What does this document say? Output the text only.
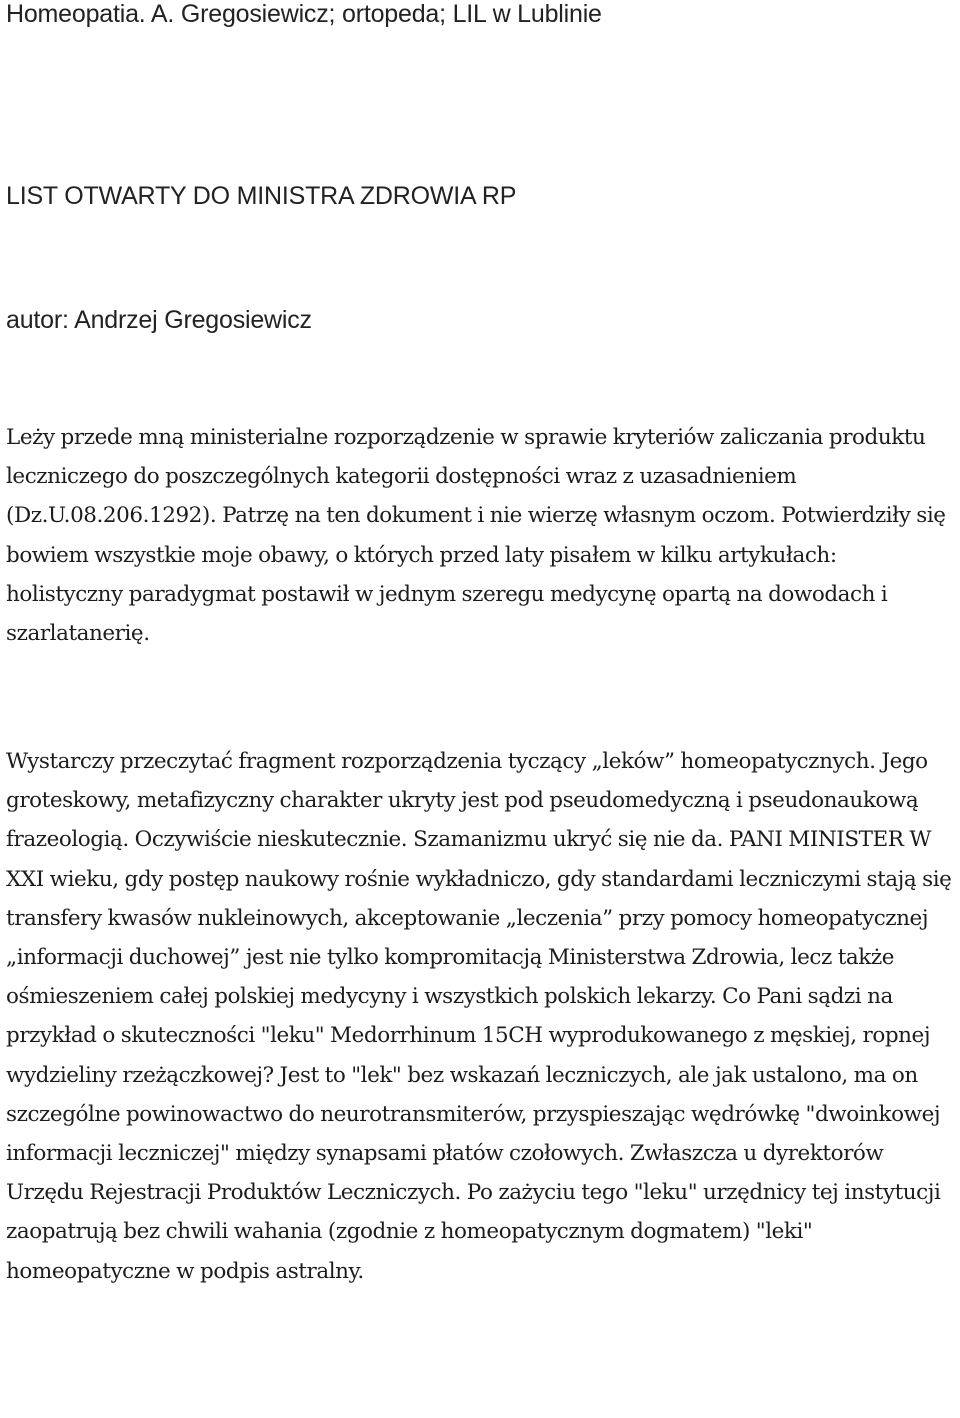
Homeopatia. A. Gregosiewicz; ortopeda; LIL w Lublinie
LIST OTWARTY DO MINISTRA ZDROWIA RP
autor: Andrzej Gregosiewicz

Leży przede mną ministerialne rozporządzenie w sprawie kryteriów zaliczania produktu leczniczego do poszczególnych kategorii dostępności wraz z uzasadnieniem (Dz.U.08.206.1292). Patrzę na ten dokument i nie wierzę własnym oczom. Potwierdziły się bowiem wszystkie moje obawy, o których przed laty pisałem w kilku artykułach: holistyczny paradygmat postawił w jednym szeregu medycynę opartą na dowodach i szarlatanerię.

Wystarczy przeczytać fragment rozporządzenia tyczący „leków” homeopatycznych. Jego groteskowy, metafizyczny charakter ukryty jest pod pseudomedyczną i pseudonaukową frazeologią. Oczywiście nieskutecznie. Szamanizmu ukryć się nie da. PANI MINISTER W XXI wieku, gdy postęp naukowy rośnie wykładniczo, gdy standardami leczniczymi stają się transfery kwasów nukleinowych, akceptowanie „leczenia” przy pomocy homeopatycznej „informacji duchowej” jest nie tylko kompromitacją Ministerstwa Zdrowia, lecz także ośmieszeniem całej polskiej medycyny i wszystkich polskich lekarzy. Co Pani sądzi na przykład o skuteczności "leku" Medorrhinum 15CH wyprodukowanego z męskiej, ropnej wydzieliny rzeżączkowej? Jest to "lek" bez wskazań leczniczych, ale jak ustalono, ma on szczególne powinowactwo do neurotransmiterów, przyspieszając wędrówkę "dwoinkowej informacji leczniczej" między synapsami płatów czołowych. Zwłaszcza u dyrektorów Urzędu Rejestracji Produktów Leczniczych. Po zażyciu tego "leku" urzędnicy tej instytucji zaopatrują bez chwili wahania (zgodnie z homeopatycznym dogmatem) "leki" homeopatyczne w podpis astralny.
